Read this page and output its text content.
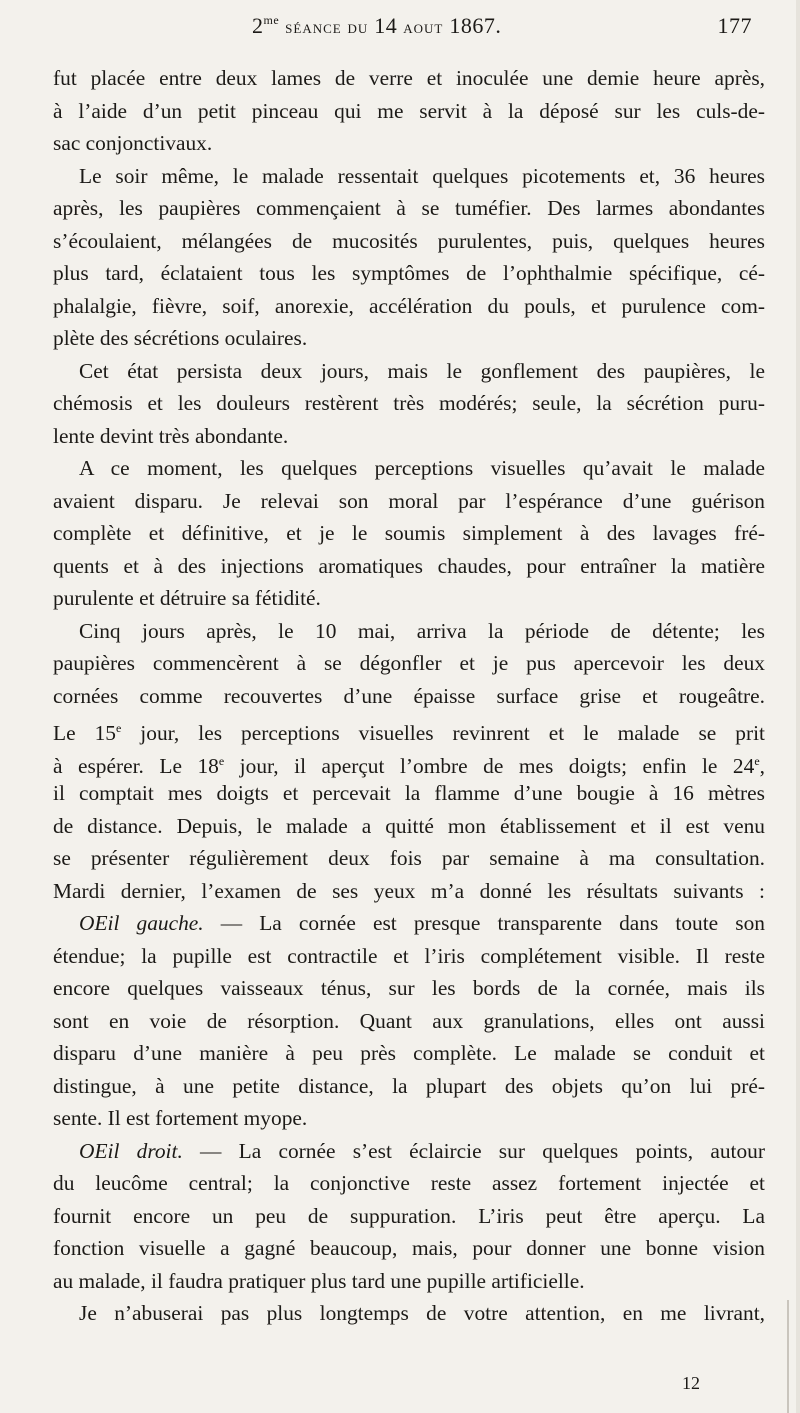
$2^{me}$ séance du 14 aout 1867.	177
fut placée entre deux lames de verre et inoculée une demie heure après,
à l’aide d’un petit pinceau qui me servit à la déposé sur les culs-de-
sac conjonctivaux.
Le soir même, le malade ressentait quelques picotements et, 36 heures
après, les paupières commençaient à se tuméfier. Des larmes abondantes
s’écoulaient, mélangées de mucosités purulentes, puis, quelques heures
plus tard, éclataient tous les symptômes de l’ophthalmie spécifique, cé-
phalalgie, fièvre, soif, anorexie, accélération du pouls, et purulence com-
plète des sécrétions oculaires.
Cet état persista deux jours, mais le gonflement des paupières, le
chémosis et les douleurs restèrent très modérés; seule, la sécrétion puru-
lente devint très abondante.
A ce moment, les quelques perceptions visuelles qu’avait le malade
avaient disparu. Je relevai son moral par l’espérance d’une guérison
complète et définitive, et je le soumis simplement à des lavages fré-
quents et à des injections aromatiques chaudes, pour entraîner la matière
purulente et détruire sa fétidité.
Cinq jours après, le 10 mai, arriva la période de détente; les
paupières commencèrent à se dégonfler et je pus apercevoir les deux
cornées comme recouvertes d’une épaisse surface grise et rougeâtre.
Le 15e jour, les perceptions visuelles revinrent et le malade se prit
à espérer. Le 18e jour, il aperçut l’ombre de mes doigts; enfin le 24e,
il comptait mes doigts et percevait la flamme d’une bougie à 16 mètres
de distance. Depuis, le malade a quitté mon établissement et il est venu
se présenter régulièrement deux fois par semaine à ma consultation.
Mardi dernier, l’examen de ses yeux m’a donné les résultats suivants :
OEil gauche. — La cornée est presque transparente dans toute son
étendue; la pupille est contractile et l’iris complétement visible. Il reste
encore quelques vaisseaux ténus, sur les bords de la cornée, mais ils
sont en voie de résorption. Quant aux granulations, elles ont aussi
disparu d’une manière à peu près complète. Le malade se conduit et
distingue, à une petite distance, la plupart des objets qu’on lui pré-
sente. Il est fortement myope.
OEil droit. — La cornée s’est éclaircie sur quelques points, autour
du leucôme central; la conjonctive reste assez fortement injectée et
fournit encore un peu de suppuration. L’iris peut être aperçu. La
fonction visuelle a gagné beaucoup, mais, pour donner une bonne vision
au malade, il faudra pratiquer plus tard une pupille artificielle.
Je n’abuserai pas plus longtemps de votre attention, en me livrant,
12
